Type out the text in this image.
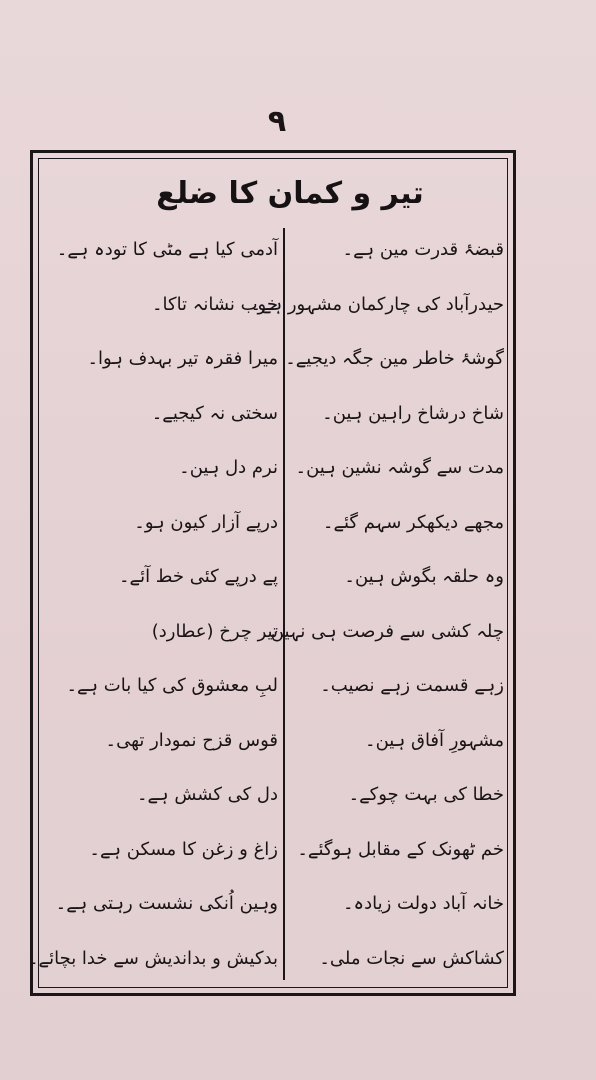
۹
تیر و کمان کا ضلع
قبضۂ قدرت مین ہے۔
حیدرآباد کی چارکمان مشہور ہے۔
گوشۂ خاطر مین جگہ دیجیے۔
شاخ درشاخ راہین ہین۔
مدت سے گوشہ نشین ہین۔
مجھے دیکھکر سہم گئے۔
وہ حلقہ بگوش ہین۔
چلہ کشی سے فرصت ہی نہین۔
زہے قسمت زہے نصیب۔
مشہورِ آفاق ہین۔
خطا کی بہت چوکے۔
خم ٹھونک کے مقابل ہوگئے۔
خانہ آباد دولت زیادہ۔
کشاکش سے نجات ملی۔
آدمی کیا ہے مٹی کا تودہ ہے۔
خوب نشانہ تاکا۔
میرا فقرہ تیر بہدف ہوا۔
سختی نہ کیجیے۔
نرم دل ہین۔
درپے آزار کیون ہو۔
پے درپے کئی خط آئے۔
تیر چرخ (عطارد)
لبِ معشوق کی کیا بات ہے۔
قوس قزح نمودار تھی۔
دل کی کشش ہے۔
زاغ و زغن کا مسکن ہے۔
وہین اُنکی نشست رہتی ہے۔
بدکیش و بداندیش سے خدا بچائے۔
